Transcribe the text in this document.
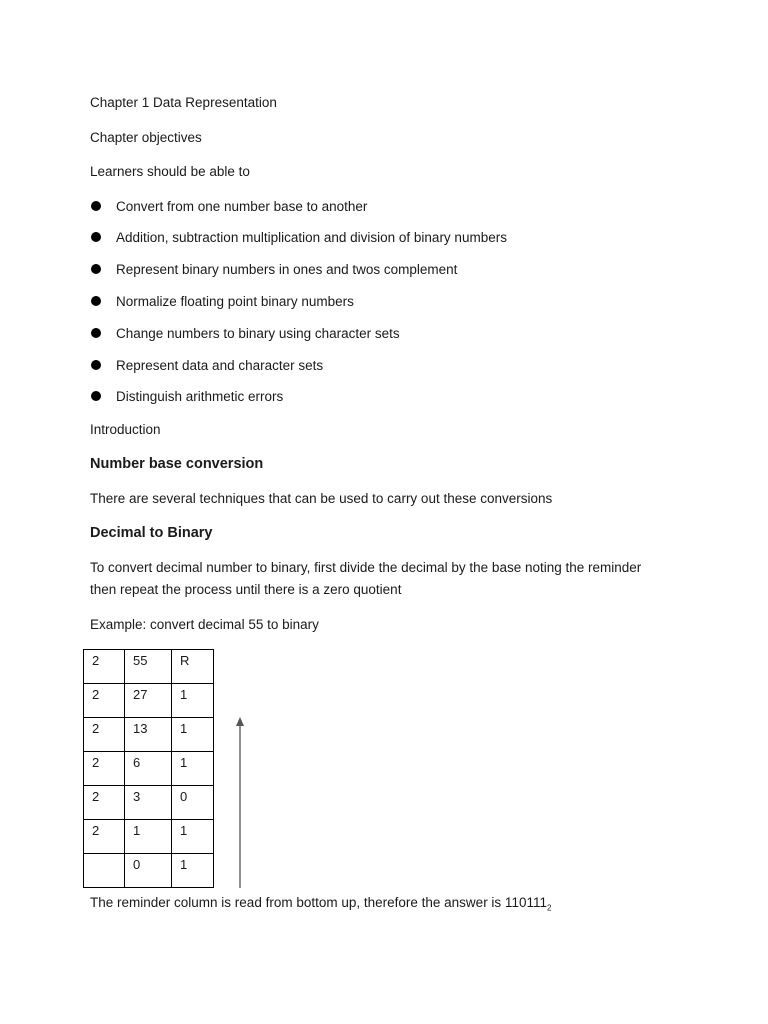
Chapter 1 Data Representation
Chapter objectives
Learners should be able to
Convert from one number base to another
Addition, subtraction multiplication and division of binary numbers
Represent binary numbers in ones and twos complement
Normalize floating point binary numbers
Change numbers to binary using character sets
Represent data and character sets
Distinguish arithmetic errors
Introduction
Number base conversion
There are several techniques that can be used to carry out these conversions
Decimal to Binary
To convert decimal number to binary, first divide the decimal by the base noting the reminder
then repeat the process until there is a zero quotient
Example: convert decimal 55 to binary
2	55	R
2	27	1
2	13	1
2	6	1
2	3	0
2	1	1
	0	1
The reminder column is read from bottom up, therefore the answer is $110111_2$
